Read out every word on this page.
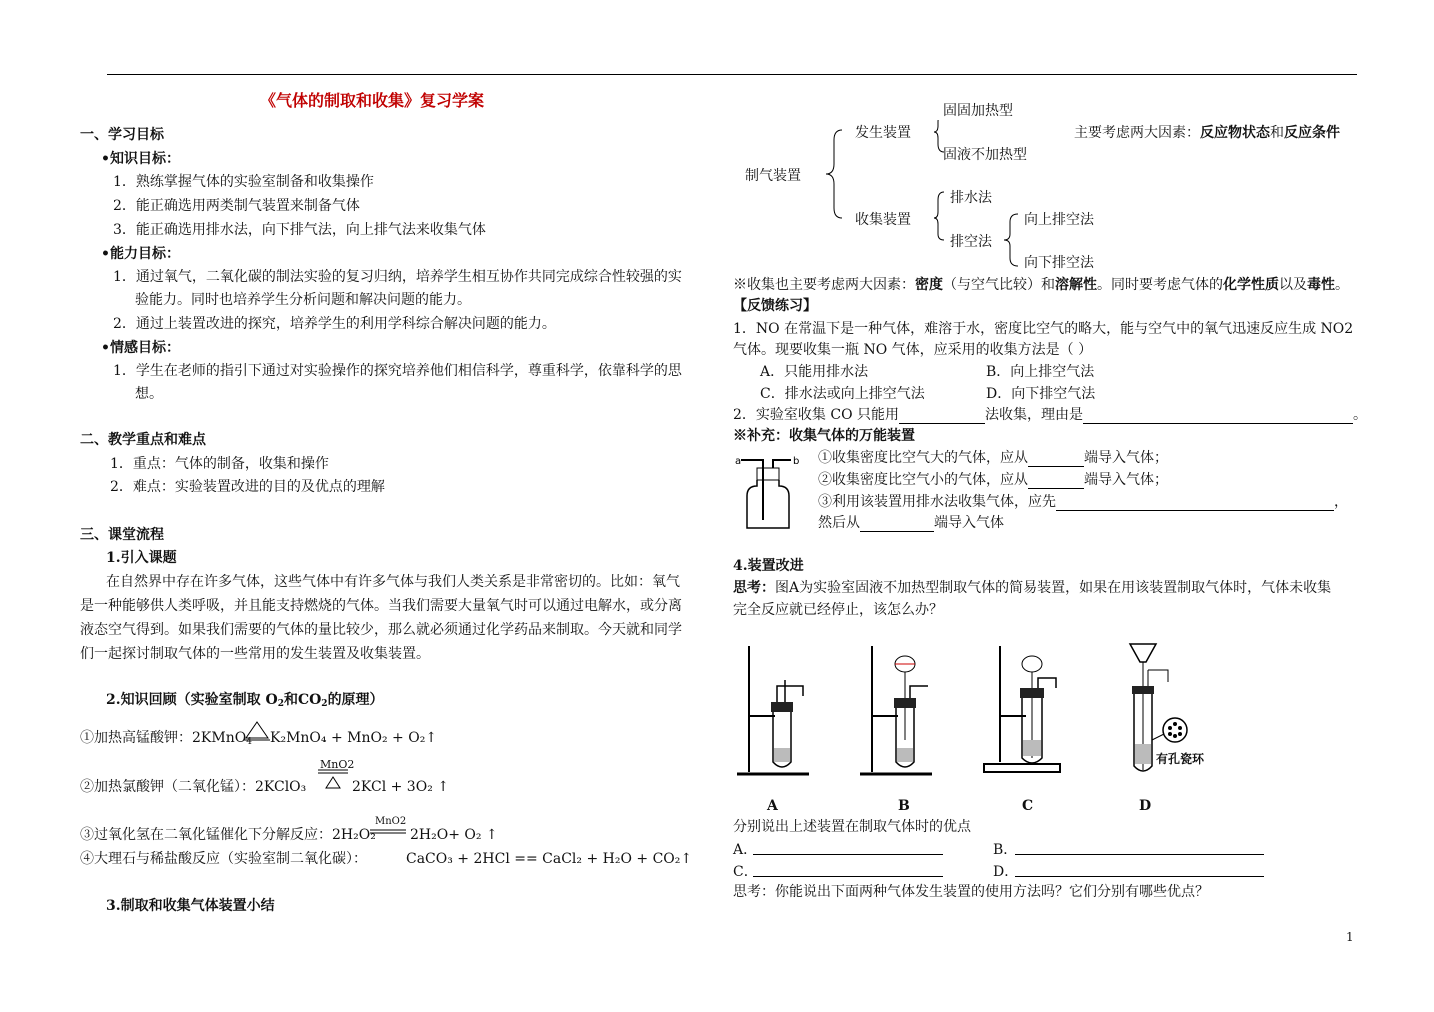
《气体的制取和收集》复习学案
一、学习目标
•知识目标：
1．熟练掌握气体的实验室制备和收集操作
2．能正确选用两类制气装置来制备气体
3．能正确选用排水法，向下排气法，向上排气法来收集气体
•能力目标：
1．通过氧气，二氧化碳的制法实验的复习归纳，培养学生相互协作共同完成综合性较强的实
验能力。同时也培养学生分析问题和解决问题的能力。
2．通过上装置改进的探究，培养学生的利用学科综合解决问题的能力。
•情感目标：
1．学生在老师的指引下通过对实验操作的探究培养他们相信科学，尊重科学，依靠科学的思
想。
二、教学重点和难点
1．重点：气体的制备，收集和操作
2．难点：实验装置改进的目的及优点的理解
三、课堂流程
1.引入课题
在自然界中存在许多气体，这些气体中有许多气体与我们人类关系是非常密切的。比如：氧气
是一种能够供人类呼吸，并且能支持燃烧的气体。当我们需要大量氧气时可以通过电解水，或分离
液态空气得到。如果我们需要的气体的量比较少，那么就必须通过化学药品来制取。今天就和同学
们一起探讨制取气体的一些常用的发生装置及收集装置。
2.知识回顾（实验室制取 $O_2$和$CO_2$的原理）
①加热高锰酸钾：2KMnO$_4$ K₂MnO₄ + MnO₂ + O₂↑
MnO2
②加热氯酸钾（二氧化锰）：2KClO₃	2KCl + 3O₂ ↑
③过氧化氢在二氧化锰催化下分解反应：2H₂O₂
MnO2
2H₂O+ O₂ ↑
④大理石与稀盐酸反应（实验室制二氧化碳）：	CaCO₃ + 2HCl == CaCl₂ + H₂O + CO₂↑
3.制取和收集气体装置小结
制气装置
发生装置
固固加热型
固液不加热型
主要考虑两大因素：反应物状态和反应条件
收集装置
排水法
排空法
向上排空法
向下排空法
※收集也主要考虑两大因素：密度（与空气比较）和溶解性。同时要考虑气体的化学性质以及毒性。
【反馈练习】
1．NO 在常温下是一种气体，难溶于水，密度比空气的略大，能与空气中的氧气迅速反应生成 NO2
气体。现要收集一瓶 NO 气体，应采用的收集方法是（ ）
A．只能用排水法	B．向上排空气法
C．排水法或向上排空气法	D．向下排空气法
2．实验室收集 CO 只能用	法收集，理由是	。
※补充：收集气体的万能装置
a	b ①收集密度比空气大的气体，应从	端导入气体；
②收集密度比空气小的气体，应从	端导入气体；
③利用该装置用排水法收集气体，应先	，
然后从	端导入气体
4.装置改进
思考：图A为实验室固液不加热型制取气体的简易装置，如果在用该装置制取气体时，气体未收集
完全反应就已经停止，该怎么办？
有孔瓷环
A	B	C	D
分别说出上述装置在制取气体时的优点
A．	B．
C．	D．
思考：你能说出下面两种气体发生装置的使用方法吗？它们分别有哪些优点？
1
